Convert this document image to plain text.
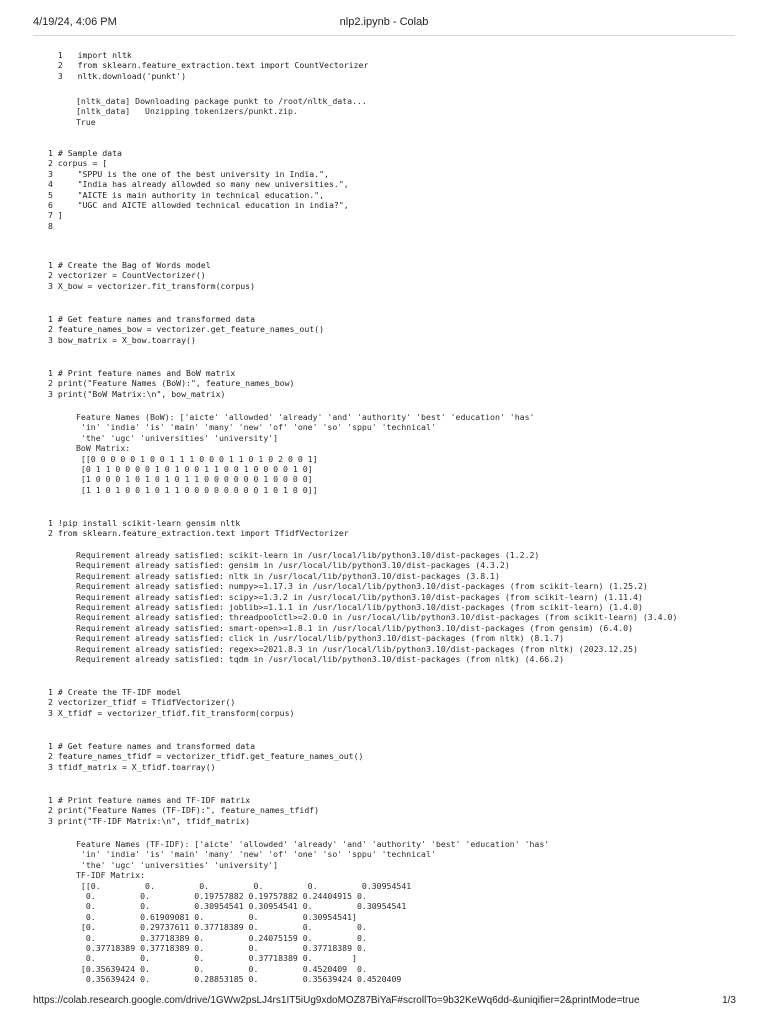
4/19/24, 4:06 PM	nlp2.ipynb - Colab
1   import nltk
2   from sklearn.feature_extraction.text import CountVectorizer
3   nltk.download('punkt')
[nltk_data] Downloading package punkt to /root/nltk_data...
[nltk_data]   Unzipping tokenizers/punkt.zip.
True
1 # Sample data
2 corpus = [
3     "SPPU is the one of the best university in India.",
4     "India has already allowded so many new universities.",
5     "AICTE is main authority in technical education.",
6     "UGC and AICTE allowded technical education in india?",
7 ]
8
1 # Create the Bag of Words model
2 vectorizer = CountVectorizer()
3 X_bow = vectorizer.fit_transform(corpus)
1 # Get feature names and transformed data
2 feature_names_bow = vectorizer.get_feature_names_out()
3 bow_matrix = X_bow.toarray()
1 # Print feature names and BoW matrix
2 print("Feature Names (BoW):", feature_names_bow)
3 print("BoW Matrix:\n", bow_matrix)
Feature Names (BoW): ['aicte' 'allowded' 'already' 'and' 'authority' 'best' 'education' 'has'
'in' 'india' 'is' 'main' 'many' 'new' 'of' 'one' 'so' 'sppu' 'technical'
'the' 'ugc' 'universities' 'university']
BoW Matrix:
[[0 0 0 0 0 1 0 0 1 1 1 0 0 0 1 1 0 1 0 2 0 0 1]
[0 1 1 0 0 0 0 1 0 1 0 0 1 1 0 0 1 0 0 0 0 1 0]
[1 0 0 0 1 0 1 0 1 0 1 1 0 0 0 0 0 0 1 0 0 0 0]
[1 1 0 1 0 0 1 0 1 1 0 0 0 0 0 0 0 0 1 0 1 0 0]]
1 !pip install scikit-learn gensim nltk
2 from sklearn.feature_extraction.text import TfidfVectorizer
Requirement already satisfied: scikit-learn in /usr/local/lib/python3.10/dist-packages (1.2.2)
Requirement already satisfied: gensim in /usr/local/lib/python3.10/dist-packages (4.3.2)
Requirement already satisfied: nltk in /usr/local/lib/python3.10/dist-packages (3.8.1)
Requirement already satisfied: numpy>=1.17.3 in /usr/local/lib/python3.10/dist-packages (from scikit-learn) (1.25.2)
Requirement already satisfied: scipy>=1.3.2 in /usr/local/lib/python3.10/dist-packages (from scikit-learn) (1.11.4)
Requirement already satisfied: joblib>=1.1.1 in /usr/local/lib/python3.10/dist-packages (from scikit-learn) (1.4.0)
Requirement already satisfied: threadpoolctl>=2.0.0 in /usr/local/lib/python3.10/dist-packages (from scikit-learn) (3.4.0)
Requirement already satisfied: smart-open>=1.8.1 in /usr/local/lib/python3.10/dist-packages (from gensim) (6.4.0)
Requirement already satisfied: click in /usr/local/lib/python3.10/dist-packages (from nltk) (8.1.7)
Requirement already satisfied: regex>=2021.8.3 in /usr/local/lib/python3.10/dist-packages (from nltk) (2023.12.25)
Requirement already satisfied: tqdm in /usr/local/lib/python3.10/dist-packages (from nltk) (4.66.2)
1 # Create the TF-IDF model
2 vectorizer_tfidf = TfidfVectorizer()
3 X_tfidf = vectorizer_tfidf.fit_transform(corpus)
1 # Get feature names and transformed data
2 feature_names_tfidf = vectorizer_tfidf.get_feature_names_out()
3 tfidf_matrix = X_tfidf.toarray()
1 # Print feature names and TF-IDF matrix
2 print("Feature Names (TF-IDF):", feature_names_tfidf)
3 print("TF-IDF Matrix:\n", tfidf_matrix)
Feature Names (TF-IDF): ['aicte' 'allowded' 'already' 'and' 'authority' 'best' 'education' 'has'
'in' 'india' 'is' 'main' 'many' 'new' 'of' 'one' 'so' 'sppu' 'technical'
'the' 'ugc' 'universities' 'university']
TF-IDF Matrix:
[[0.         0.         0.         0.         0.         0.30954541
0.         0.         0.19757882 0.19757882 0.24404915 0.
0.         0.         0.30954541 0.30954541 0.         0.30954541
0.         0.61909081 0.         0.         0.30954541]
[0.         0.29737611 0.37718389 0.         0.         0.
0.         0.37718389 0.         0.24075159 0.         0.
0.37718389 0.37718389 0.         0.         0.37718389 0.
0.         0.         0.         0.37718389 0.        ]
[0.35639424 0.         0.         0.         0.4520409  0.
0.35639424 0.         0.28853185 0.         0.35639424 0.4520409
https://colab.research.google.com/drive/1GWw2psLJ4rs1IT5iUg9xdoMOZ87BiYaF#scrollTo=9b32KeWq6dd-&uniqifier=2&printMode=true	1/3
